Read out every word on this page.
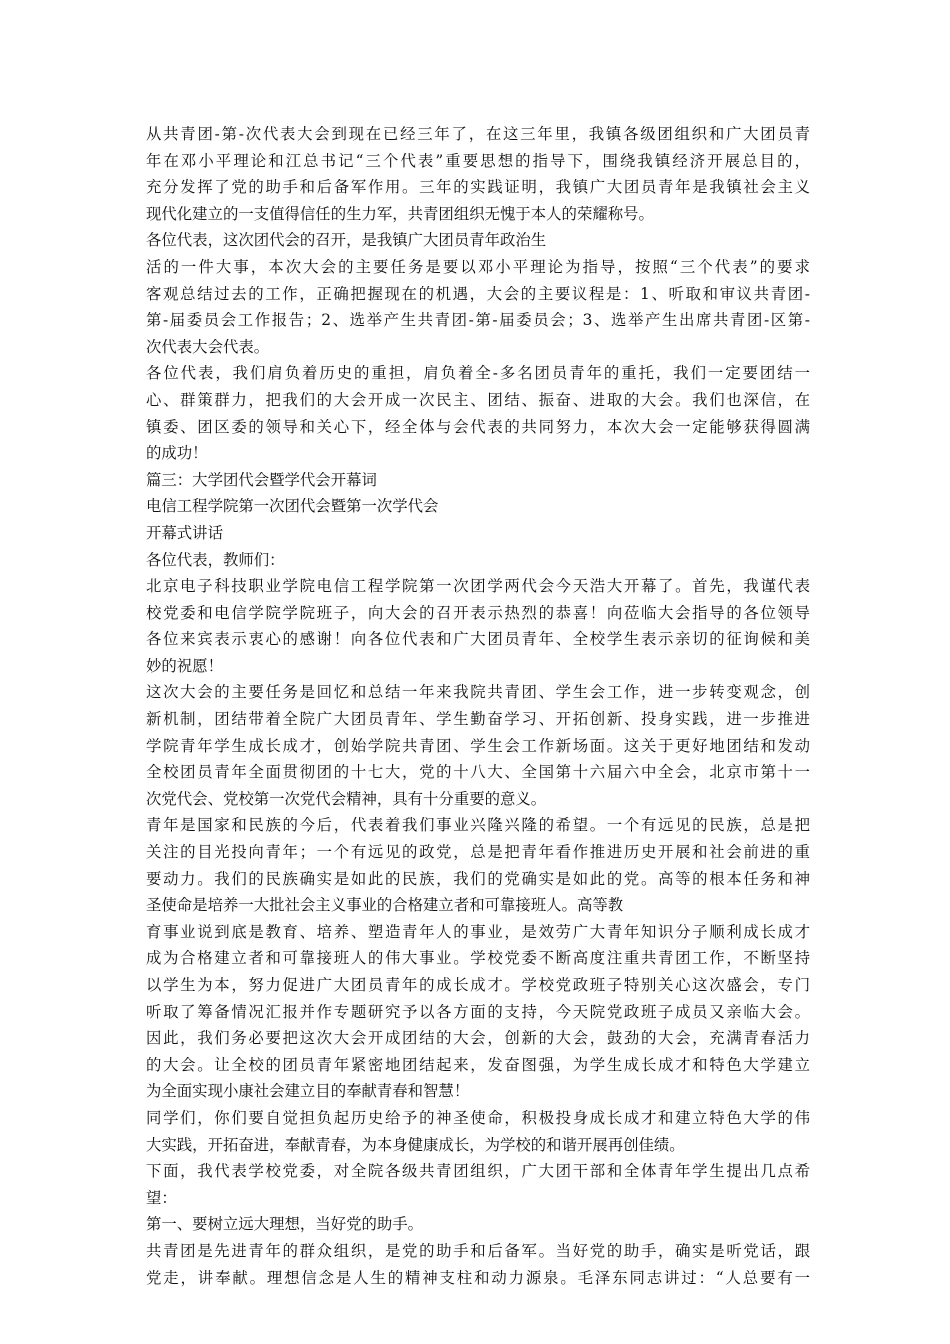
从共青团-第-次代表大会到现在已经三年了，在这三年里，我镇各级团组织和广大团员青
年在邓小平理论和江总书记“三个代表”重要思想的指导下，围绕我镇经济开展总目的，
充分发挥了党的助手和后备军作用。三年的实践证明，我镇广大团员青年是我镇社会主义
现代化建立的一支值得信任的生力军，共青团组织无愧于本人的荣耀称号。
各位代表，这次团代会的召开，是我镇广大团员青年政治生
活的一件大事，本次大会的主要任务是要以邓小平理论为指导，按照“三个代表”的要求
客观总结过去的工作，正确把握现在的机遇，大会的主要议程是：1、听取和审议共青团-
第-届委员会工作报告；2、选举产生共青团-第-届委员会；3、选举产生出席共青团-区第-
次代表大会代表。
各位代表，我们肩负着历史的重担，肩负着全-多名团员青年的重托，我们一定要团结一
心、群策群力，把我们的大会开成一次民主、团结、振奋、进取的大会。我们也深信，在
镇委、团区委的领导和关心下，经全体与会代表的共同努力，本次大会一定能够获得圆满
的成功！
篇三：大学团代会暨学代会开幕词
电信工程学院第一次团代会暨第一次学代会
开幕式讲话
各位代表，教师们：
北京电子科技职业学院电信工程学院第一次团学两代会今天浩大开幕了。首先，我谨代表
校党委和电信学院学院班子，向大会的召开表示热烈的恭喜！向莅临大会指导的各位领导
各位来宾表示衷心的感谢！向各位代表和广大团员青年、全校学生表示亲切的征询候和美
妙的祝愿！
这次大会的主要任务是回忆和总结一年来我院共青团、学生会工作，进一步转变观念，创
新机制，团结带着全院广大团员青年、学生勤奋学习、开拓创新、投身实践，进一步推进
学院青年学生成长成才，创始学院共青团、学生会工作新场面。这关于更好地团结和发动
全校团员青年全面贯彻团的十七大，党的十八大、全国第十六届六中全会，北京市第十一
次党代会、党校第一次党代会精神，具有十分重要的意义。
青年是国家和民族的今后，代表着我们事业兴隆兴隆的希望。一个有远见的民族，总是把
关注的目光投向青年；一个有远见的政党，总是把青年看作推进历史开展和社会前进的重
要动力。我们的民族确实是如此的民族，我们的党确实是如此的党。高等的根本任务和神
圣使命是培养一大批社会主义事业的合格建立者和可靠接班人。高等教
育事业说到底是教育、培养、塑造青年人的事业，是效劳广大青年知识分子顺利成长成才
成为合格建立者和可靠接班人的伟大事业。学校党委不断高度注重共青团工作，不断坚持
以学生为本，努力促进广大团员青年的成长成才。学校党政班子特别关心这次盛会，专门
听取了筹备情况汇报并作专题研究予以各方面的支持，今天院党政班子成员又亲临大会。
因此，我们务必要把这次大会开成团结的大会，创新的大会，鼓劲的大会，充满青春活力
的大会。让全校的团员青年紧密地团结起来，发奋图强，为学生成长成才和特色大学建立
为全面实现小康社会建立目的奉献青春和智慧！
同学们，你们要自觉担负起历史给予的神圣使命，积极投身成长成才和建立特色大学的伟
大实践，开拓奋进，奉献青春，为本身健康成长，为学校的和谐开展再创佳绩。
下面，我代表学校党委，对全院各级共青团组织，广大团干部和全体青年学生提出几点希
望：
第一、要树立远大理想，当好党的助手。
共青团是先进青年的群众组织，是党的助手和后备军。当好党的助手，确实是听党话，跟
党走，讲奉献。理想信念是人生的精神支柱和动力源泉。毛泽东同志讲过：“人总要有一
